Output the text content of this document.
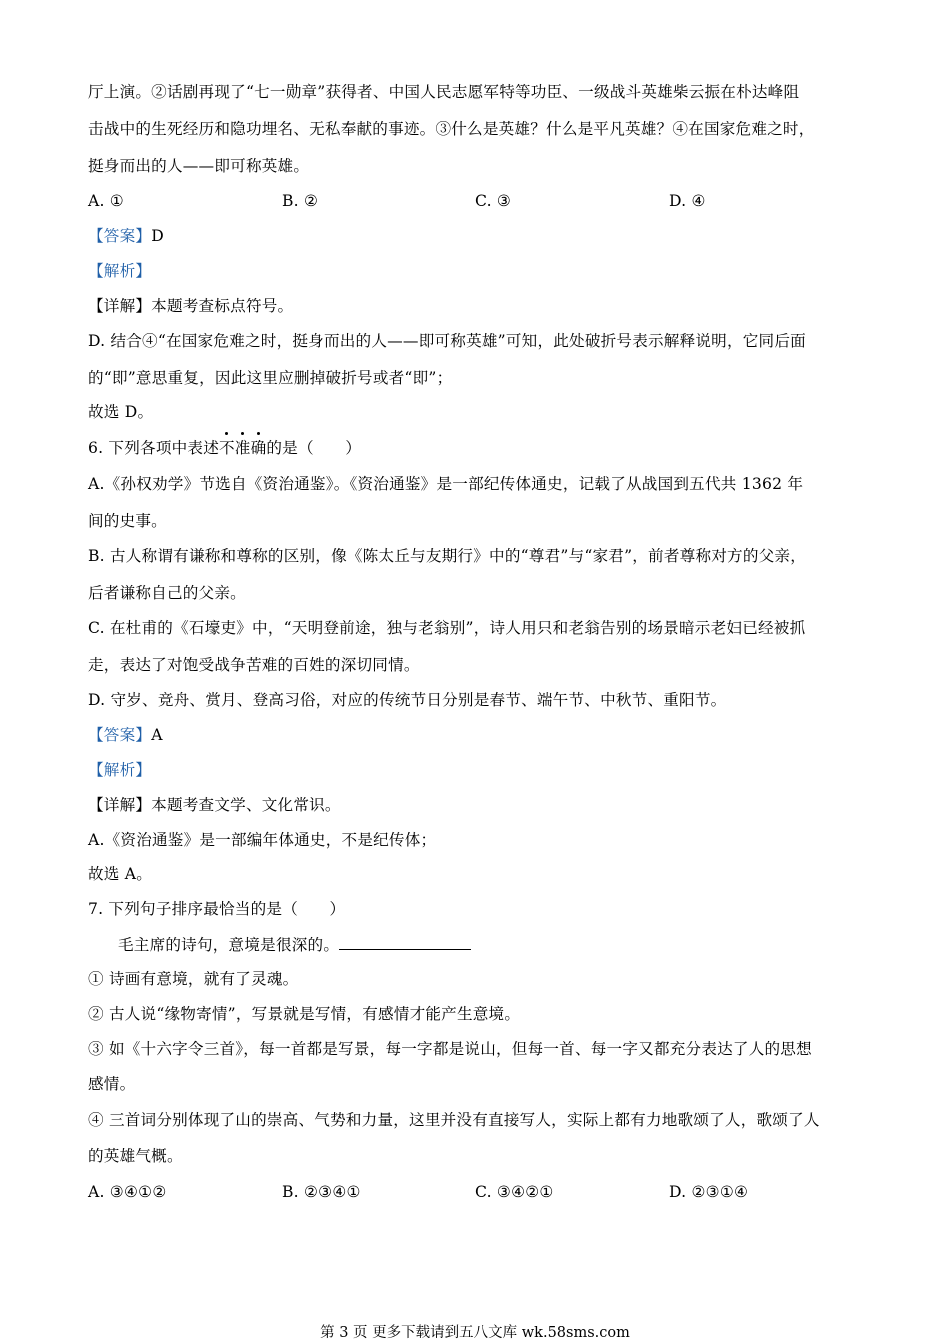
厅上演。②话剧再现了“七一勋章”获得者、中国人民志愿军特等功臣、一级战斗英雄柴云振在朴达峰阻
击战中的生死经历和隐功埋名、无私奉献的事迹。③什么是英雄？什么是平凡英雄？④在国家危难之时，
挺身而出的人——即可称英雄。
A. ①	B. ②	C. ③	D. ④
【答案】D
【解析】
【详解】本题考查标点符号。
D. 结合④“在国家危难之时，挺身而出的人——即可称英雄”可知，此处破折号表示解释说明，它同后面
的“即”意思重复，因此这里应删掉破折号或者“即”；
故选 D。
6. 下列各项中表述不准确的是（　　）
A.《孙权劝学》节选自《资治通鉴》。《资治通鉴》是一部纪传体通史，记载了从战国到五代共 1362 年
间的史事。
B. 古人称谓有谦称和尊称的区别，像《陈太丘与友期行》中的“尊君”与“家君”，前者尊称对方的父亲，
后者谦称自己的父亲。
C. 在杜甫的《石壕吏》中，“天明登前途，独与老翁别”，诗人用只和老翁告别的场景暗示老妇已经被抓
走，表达了对饱受战争苦难的百姓的深切同情。
D. 守岁、竞舟、赏月、登高习俗，对应的传统节日分别是春节、端午节、中秋节、重阳节。
【答案】A
【解析】
【详解】本题考查文学、文化常识。
A.《资治通鉴》是一部编年体通史，不是纪传体；
故选 A。
7. 下列句子排序最恰当的是（　　）
毛主席的诗句，意境是很深的。
① 诗画有意境，就有了灵魂。
② 古人说“缘物寄情”，写景就是写情，有感情才能产生意境。
③ 如《十六字令三首》，每一首都是写景，每一字都是说山，但每一首、每一字又都充分表达了人的思想
感情。
④ 三首词分别体现了山的崇高、气势和力量，这里并没有直接写人，实际上都有力地歌颂了人，歌颂了人
的英雄气概。
A. ③④①②	B. ②③④①	C. ③④②①	D. ②③①④
第 3 页 更多下载请到五八文库 wk.58sms.com
